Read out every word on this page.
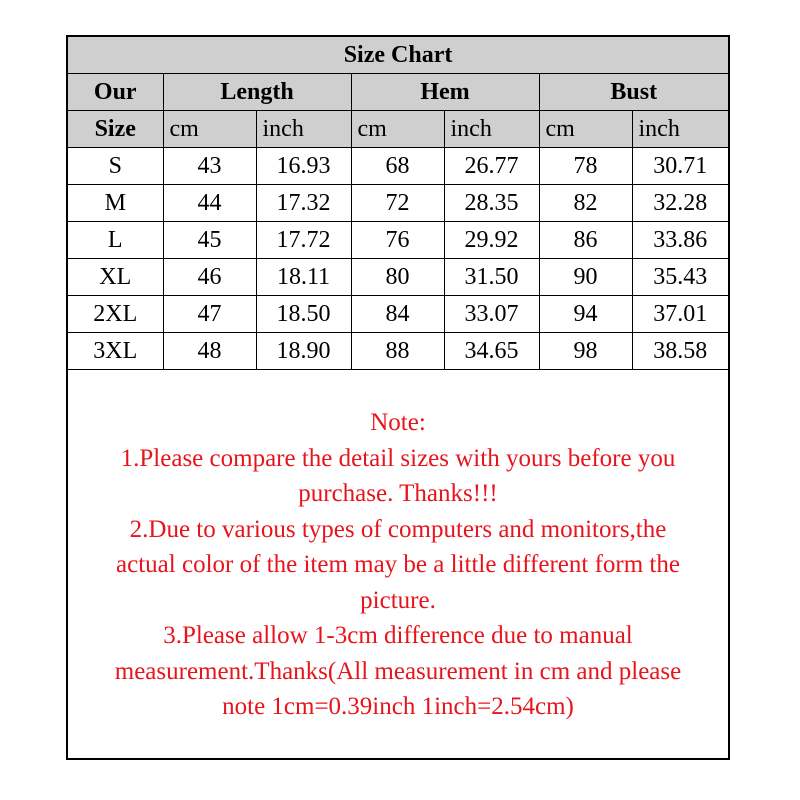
Size Chart						
Our	Length		Hem		Bust	
Size	cm	inch	cm	inch	cm	inch
S	43	16.93	68	26.77	78	30.71
M	44	17.32	72	28.35	82	32.28
L	45	17.72	76	29.92	86	33.86
XL	46	18.11	80	31.50	90	35.43
2XL	47	18.50	84	33.07	94	37.01
3XL	48	18.90	88	34.65	98	38.58
Note:
1.Please compare the detail sizes with yours before you
purchase. Thanks!!!
2.Due to various types of computers and monitors,the
actual color of the item may be a little different form the
picture.
3.Please allow 1-3cm difference due to manual
measurement.Thanks(All measurement in cm and please
note 1cm=0.39inch 1inch=2.54cm)
